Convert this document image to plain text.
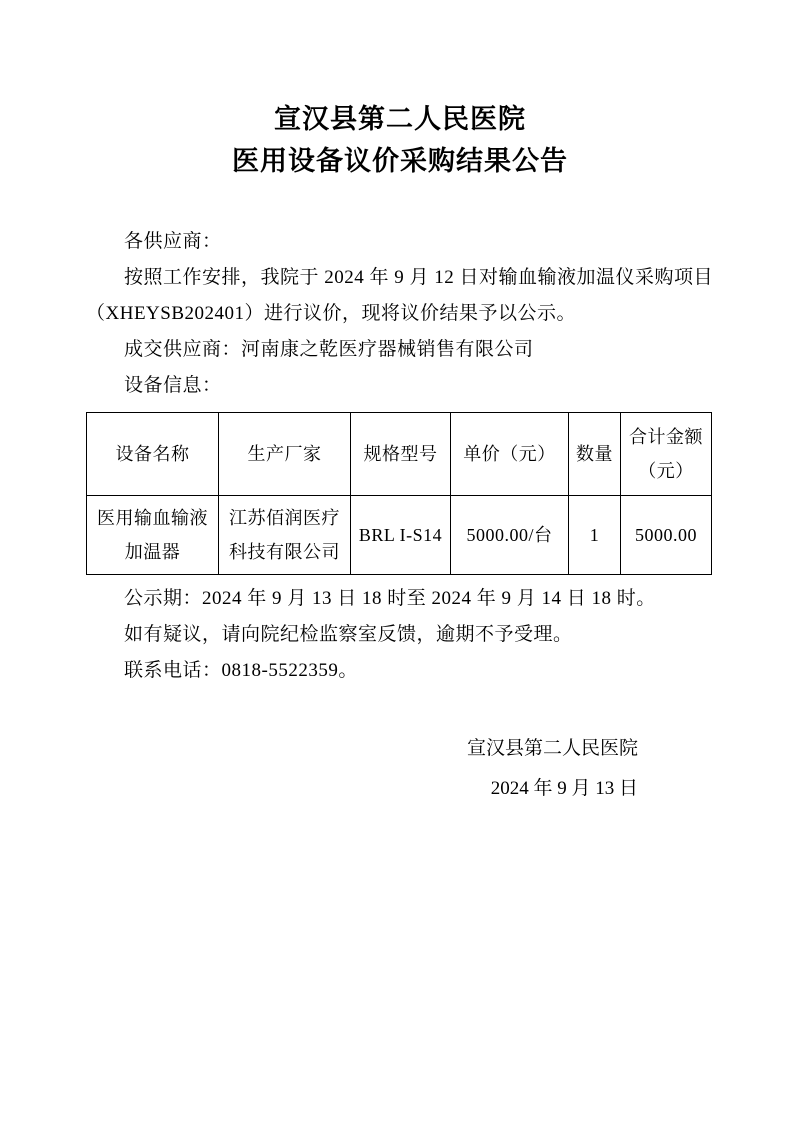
宣汉县第二人民医院
医用设备议价采购结果公告

各供应商：

按照工作安排，我院于 2024 年 9 月 12 日对输血输液加温仪采购项目（XHEYSB202401）进行议价，现将议价结果予以公示。

成交供应商：河南康之乾医疗器械销售有限公司

设备信息：

设备名称	生产厂家	规格型号	单价（元）	数量	合计金额
（元）

医用输血输液加温器	江苏佰润医疗科技有限公司	BRL I-S14	5000.00/台	1	5000.00

公示期：2024 年 9 月 13 日 18 时至 2024 年 9 月 14 日 18 时。

如有疑议，请向院纪检监察室反馈，逾期不予受理。

联系电话：0818-5522359。

宣汉县第二人民医院
2024 年 9 月 13 日
